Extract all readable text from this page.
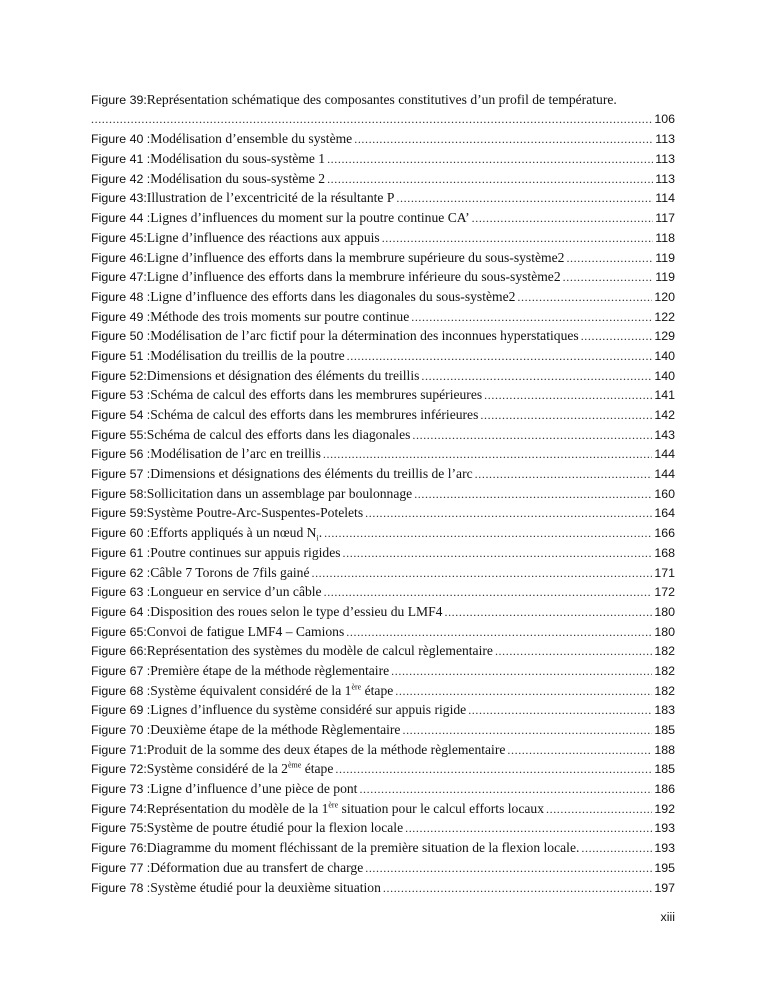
Figure 39: Représentation schématique des composantes constitutives d’un profil de température.
.....
106
Figure 40 : Modélisation d’ensemble du système .....	113
Figure 41 : Modélisation du sous-système 1 .....	113
Figure 42 : Modélisation du sous-système 2 .....	113
Figure 43: Illustration de l’excentricité de la résultante P .....	114
Figure 44 : Lignes d’influences du moment sur la poutre continue CA’ .....	117
Figure 45: Ligne d’influence des réactions aux appuis .....	118
Figure 46: Ligne d’influence des efforts dans la membrure supérieure du sous-système2 .....	119
Figure 47: Ligne d’influence des efforts dans la membrure inférieure du sous-système2 .....	119
Figure 48 : Ligne d’influence des efforts dans les diagonales du sous-système2 .....	120
Figure 49 : Méthode des trois moments sur poutre continue .....	122
Figure 50 : Modélisation de l’arc fictif pour la détermination des inconnues hyperstatiques .....	129
Figure 51 : Modélisation du treillis de la poutre .....	140
Figure 52: Dimensions et désignation des éléments du treillis .....	140
Figure 53 : Schéma de calcul des efforts dans les membrures supérieures .....	141
Figure 54 : Schéma de calcul des efforts dans les membrures inférieures .....	142
Figure 55: Schéma de calcul des efforts dans les diagonales .....	143
Figure 56 : Modélisation de l’arc en treillis .....	144
Figure 57 : Dimensions et désignations des éléments du treillis de l’arc .....	144
Figure 58: Sollicitation dans un assemblage par boulonnage .....	160
Figure 59: Système Poutre-Arc-Suspentes-Potelets .....	164
Figure 60 : Efforts appliqués à un nœud $N_i$. .....	166
Figure 61 : Poutre continues sur appuis rigides .....	168
Figure 62 : Câble 7 Torons de 7fils gainé .....	171
Figure 63 : Longueur en service d’un câble .....	172
Figure 64 : Disposition des roues selon le type d’essieu du LMF4 .....	180
Figure 65: Convoi de fatigue LMF4 – Camions .....	180
Figure 66: Représentation des systèmes du modèle de calcul règlementaire .....	182
Figure 67 : Première étape de la méthode règlementaire .....	182
Figure 68 : Système équivalent considéré de la 1ère étape .....	182
Figure 69 : Lignes d’influence du système considéré sur appuis rigide .....	183
Figure 70 : Deuxième étape de la méthode Règlementaire .....	185
Figure 71: Produit de la somme des deux étapes de la méthode règlementaire .....	188
Figure 72: Système considéré de la 2ème étape .....	185
Figure 73 : Ligne d’influence d’une pièce de pont .....	186
Figure 74: Représentation du modèle de la 1ère situation pour le calcul efforts locaux .....	192
Figure 75: Système de poutre étudié pour la flexion locale .....	193
Figure 76: Diagramme du moment fléchissant de la première situation de la flexion locale. .....	193
Figure 77 : Déformation due au transfert de charge .....	195
Figure 78 : Système étudié pour la deuxième situation .....	197
xiii
